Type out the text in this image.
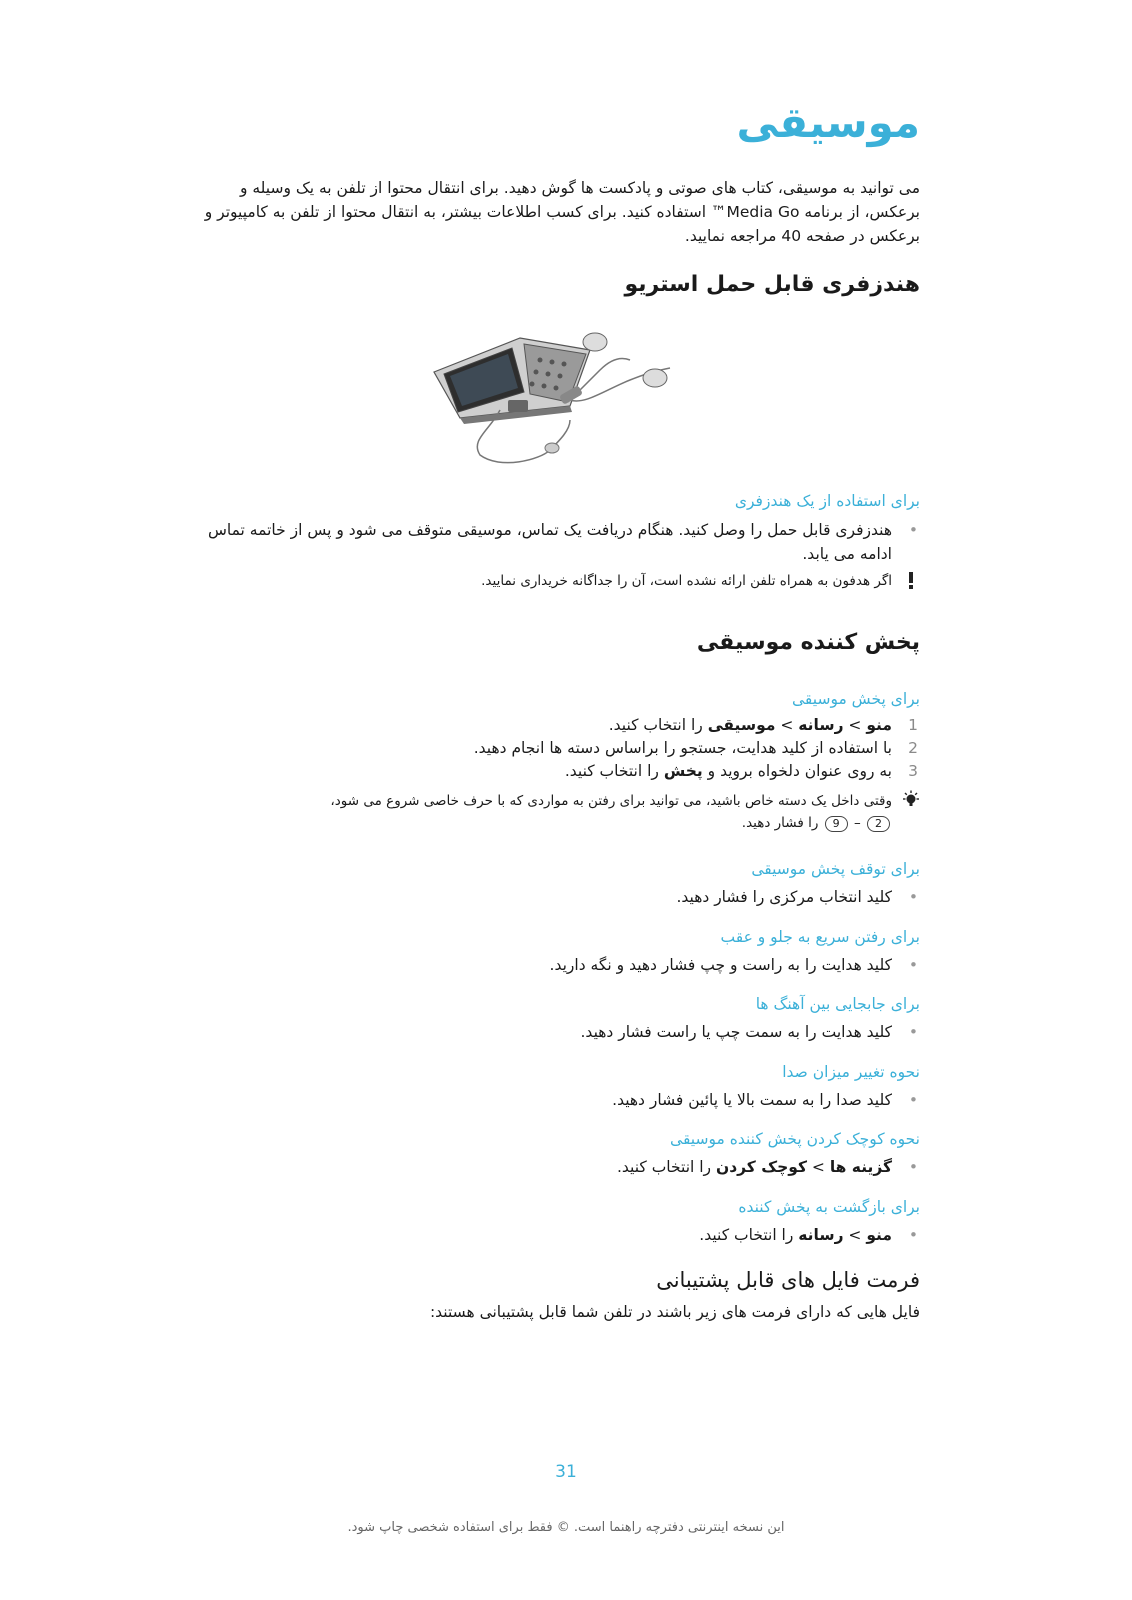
موسیقی
می توانید به موسیقی، کتاب های صوتی و پادکست ها گوش دهید. برای انتقال محتوا از تلفن به یک وسیله و برعکس، از برنامه Media Go™ استفاده کنید. برای کسب اطلاعات بیشتر، به انتقال محتوا از تلفن به کامپیوتر و برعکس در صفحه 40 مراجعه نمایید.
هندزفری قابل حمل استریو
برای استفاده از یک هندزفری
• هندزفری قابل حمل را وصل کنید. هنگام دریافت یک تماس، موسیقی متوقف می شود و پس از خاتمه تماس ادامه می یابد.
اگر هدفون به همراه تلفن ارائه نشده است، آن را جداگانه خریداری نمایید.
پخش کننده موسیقی
برای پخش موسیقی
1
منو > رسانه > موسیقی را انتخاب کنید.
2
با استفاده از کلید هدایت، جستجو را براساس دسته ها انجام دهید.
3
به روی عنوان دلخواه بروید و پخش را انتخاب کنید.
وقتی داخل یک دسته خاص باشید، می توانید برای رفتن به مواردی که با حرف خاصی شروع می شود،
2 – 9 را فشار دهید.
برای توقف پخش موسیقی
• کلید انتخاب مرکزی را فشار دهید.
برای رفتن سریع به جلو و عقب
• کلید هدایت را به راست و چپ فشار دهید و نگه دارید.
برای جابجایی بین آهنگ ها
• کلید هدایت را به سمت چپ یا راست فشار دهید.
نحوه تغییر میزان صدا
• کلید صدا را به سمت بالا یا پائین فشار دهید.
نحوه کوچک کردن پخش کننده موسیقی
• گزینه ها > کوچک کردن را انتخاب کنید.
برای بازگشت به پخش کننده
• منو > رسانه را انتخاب کنید.
فرمت فایل های قابل پشتیبانی
فایل هایی که دارای فرمت های زیر باشند در تلفن شما قابل پشتیبانی هستند:
31
این نسخه اینترنتی دفترچه راهنما است. © فقط برای استفاده شخصی چاپ شود.
